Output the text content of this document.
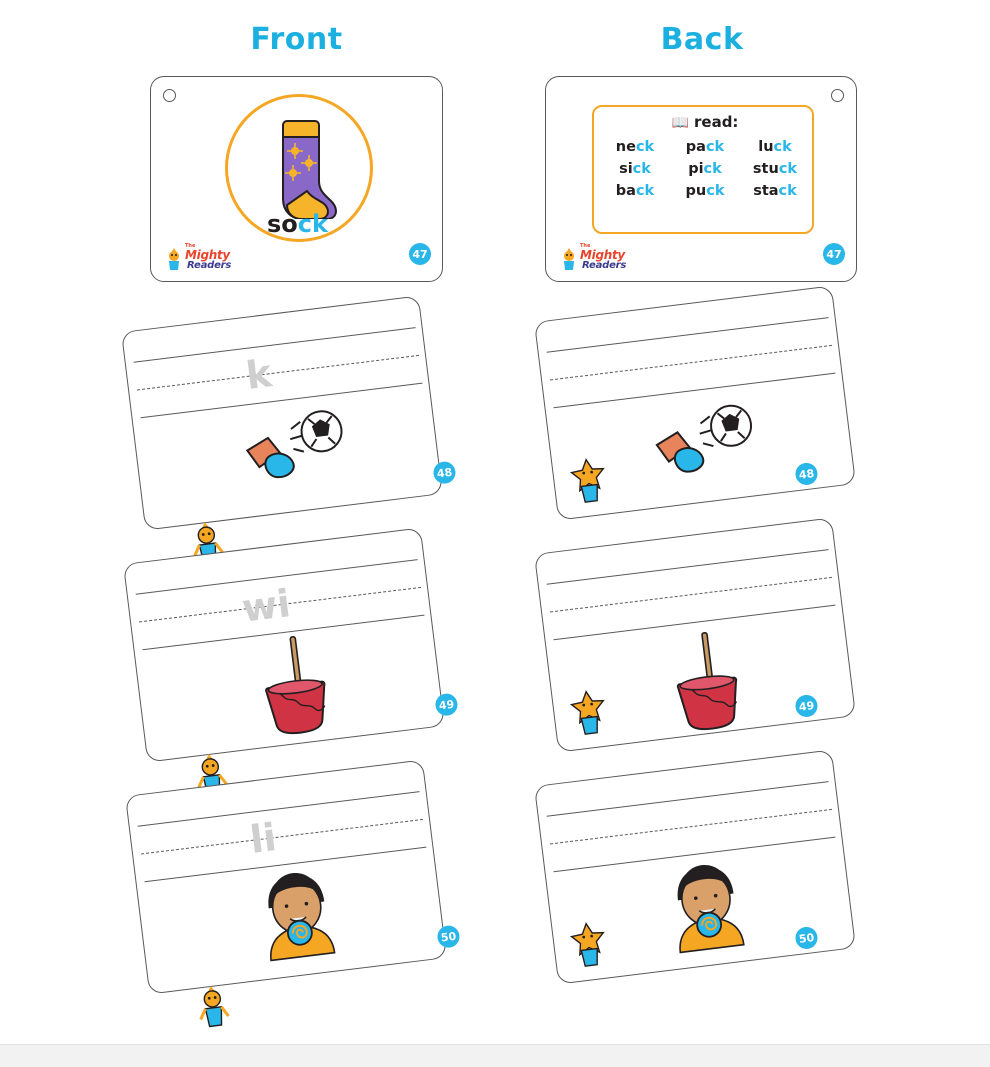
Front	Back
sock
The
Mighty
Readers
47
📖 read:
neck	pack	luck
sick	pick	stuck
back	puck	stack
The
Mighty
Readers
47
k
48	48
wi
49	49
li
50	50
